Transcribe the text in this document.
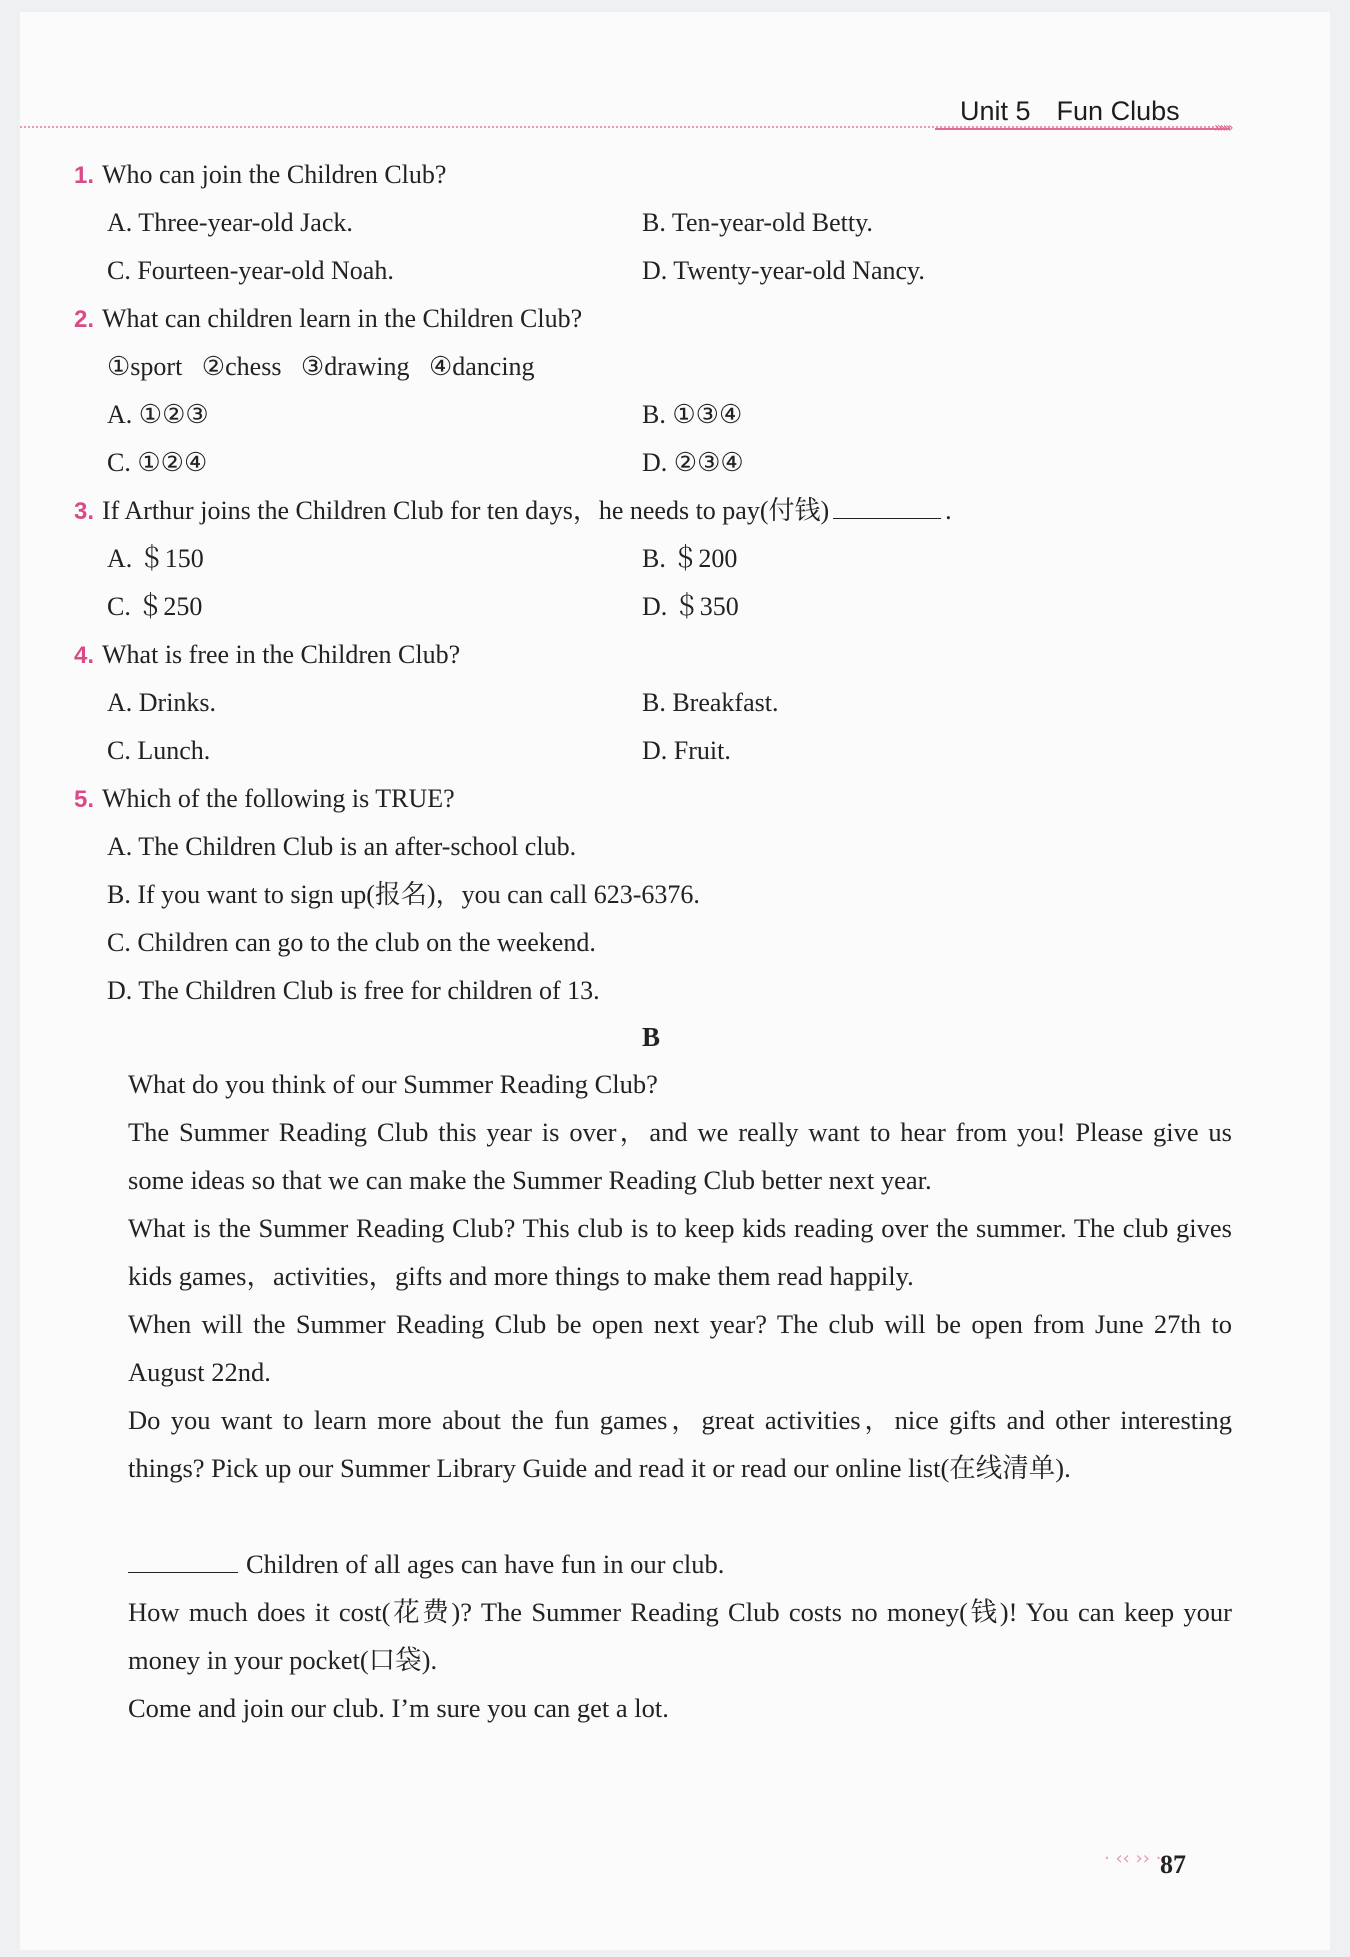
»»»
Unit 5 Fun Clubs
1. Who can join the Children Club?
A. Three-year-old Jack.	B. Ten-year-old Betty.
C. Fourteen-year-old Noah.	D. Twenty-year-old Nancy.
2. What can children learn in the Children Club?
①sport   ②chess   ③drawing   ④dancing
A. ①②③	B. ①③④
C. ①②④	D. ②③④
3. If Arthur joins the Children Club for ten days，he needs to pay(付钱)	.
A. ＄150	B. ＄200
C. ＄250	D. ＄350
4. What is free in the Children Club?
A. Drinks.	B. Breakfast.
C. Lunch.	D. Fruit.
5. Which of the following is TRUE?
A. The Children Club is an after-school club.
B. If you want to sign up(报名)，you can call 623-6376.
C. Children can go to the club on the weekend.
D. The Children Club is free for children of 13.
B
What do you think of our Summer Reading Club?
The Summer Reading Club this year is over，and we really want to hear from you! Please give us some ideas so that we can make the Summer Reading Club better next year.
What is the Summer Reading Club? This club is to keep kids reading over the summer. The club gives kids games，activities，gifts and more things to make them read happily.
When will the Summer Reading Club be open next year? The club will be open from June 27th to August 22nd.
Do you want to learn more about the fun games，great activities，nice gifts and other interesting things? Pick up our Summer Library Guide and read it or read our online list(在线清单).
Children of all ages can have fun in our club.
How much does it cost(花费)? The Summer Reading Club costs no money(钱)! You can keep your money in your pocket(口袋).
Come and join our club. I’m sure you can get a lot.
· ‹‹ ›› ·
87
